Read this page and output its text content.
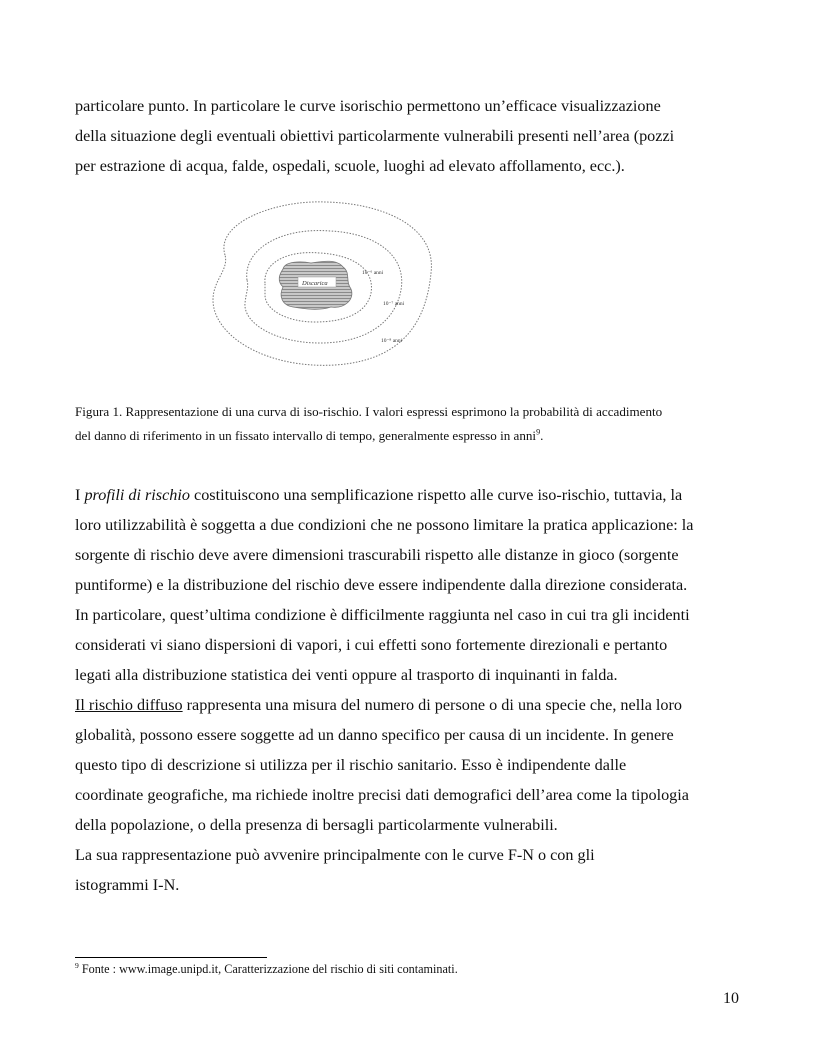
particolare punto. In particolare le curve isorischio permettono un’efficace visualizzazione
della situazione degli eventuali obiettivi particolarmente vulnerabili presenti nell’area (pozzi
per estrazione di acqua, falde, ospedali, scuole, luoghi ad elevato affollamento, ecc.).
Discarica
10⁻⁶ anni
10⁻⁷ anni
10⁻⁸ anni
Figura 1. Rappresentazione di una curva di iso-rischio. I valori espressi esprimono la probabilità di accadimento
del danno di riferimento in un fissato intervallo di tempo, generalmente espresso in anni$^9$.
I profili di rischio costituiscono una semplificazione rispetto alle curve iso-rischio, tuttavia, la
loro utilizzabilità è soggetta a due condizioni che ne possono limitare la pratica applicazione: la
sorgente di rischio deve avere dimensioni trascurabili rispetto alle distanze in gioco (sorgente
puntiforme) e la distribuzione del rischio deve essere indipendente dalla direzione considerata.
In particolare, quest’ultima condizione è difficilmente raggiunta nel caso in cui tra gli incidenti
considerati vi siano dispersioni di vapori, i cui effetti sono fortemente direzionali e pertanto
legati alla distribuzione statistica dei venti oppure al trasporto di inquinanti in falda.
Il rischio diffuso rappresenta una misura del numero di persone o di una specie che, nella loro
globalità, possono essere soggette ad un danno specifico per causa di un incidente. In genere
questo tipo di descrizione si utilizza per il rischio sanitario. Esso è indipendente dalle
coordinate geografiche, ma richiede inoltre precisi dati demografici dell’area come la tipologia
della popolazione, o della presenza di bersagli particolarmente vulnerabili.
La sua rappresentazione può avvenire principalmente con le curve F-N o con gli
istogrammi I-N.
$^9$ Fonte : www.image.unipd.it, Caratterizzazione del rischio di siti contaminati.
10
